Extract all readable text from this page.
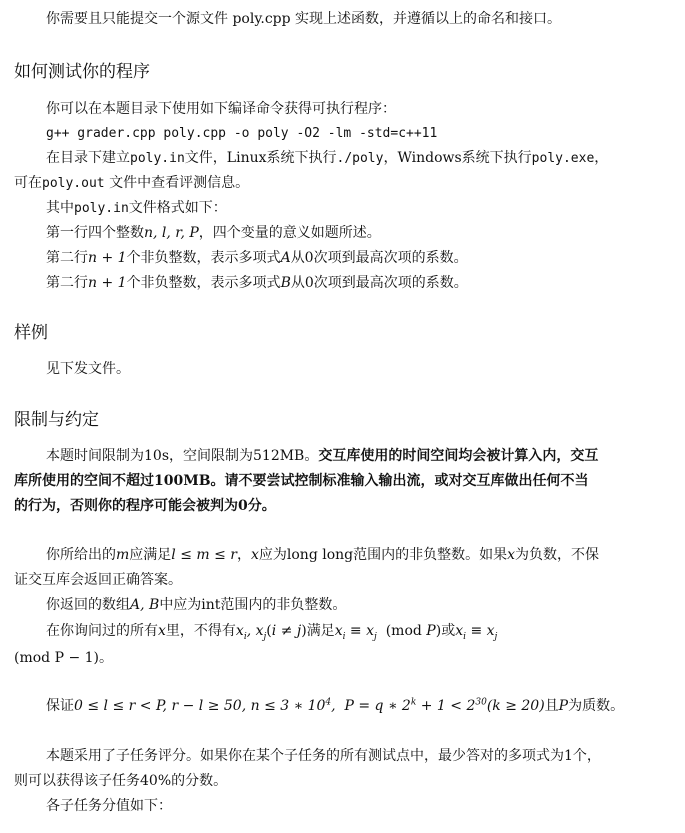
你需要且只能提交一个源文件 poly.cpp 实现上述函数，并遵循以上的命名和接口。
如何测试你的程序
你可以在本题目录下使用如下编译命令获得可执行程序：
g++ grader.cpp poly.cpp -o poly -O2 -lm -std=c++11
在目录下建立poly.in文件，Linux系统下执行./poly，Windows系统下执行poly.exe，
可在poly.out 文件中查看评测信息。
其中poly.in文件格式如下：
第一行四个整数n, l, r, P，四个变量的意义如题所述。
第二行n + 1个非负整数，表示多项式A从0次项到最高次项的系数。
第二行n + 1个非负整数，表示多项式B从0次项到最高次项的系数。
样例
见下发文件。
限制与约定
本题时间限制为10s，空间限制为512MB。交互库使用的时间空间均会被计算入内，交互
库所使用的空间不超过100MB。请不要尝试控制标准输入输出流，或对交互库做出任何不当
的行为，否则你的程序可能会被判为0分。
你所给出的m应满足l ≤ m ≤ r，x应为long long范围内的非负整数。如果x为负数，不保
证交互库会返回正确答案。
你返回的数组A, B中应为int范围内的非负整数。
在你询问过的所有x里，不得有$x_i$, $x_j(i \ne j)$满足$x_i \equiv x_j$ (mod P)或$x_i \equiv x_j$
(mod P − 1)。
保证0 ≤ l ≤ r < P, r − l ≥ 50, n ≤ 3 ∗ $10^4$,  P = q ∗ $2^k + 1 < 2^{30}(k \ge 20)$且P为质数。
本题采用了子任务评分。如果你在某个子任务的所有测试点中，最少答对的多项式为1个，
则可以获得该子任务40%的分数。
各子任务分值如下：
